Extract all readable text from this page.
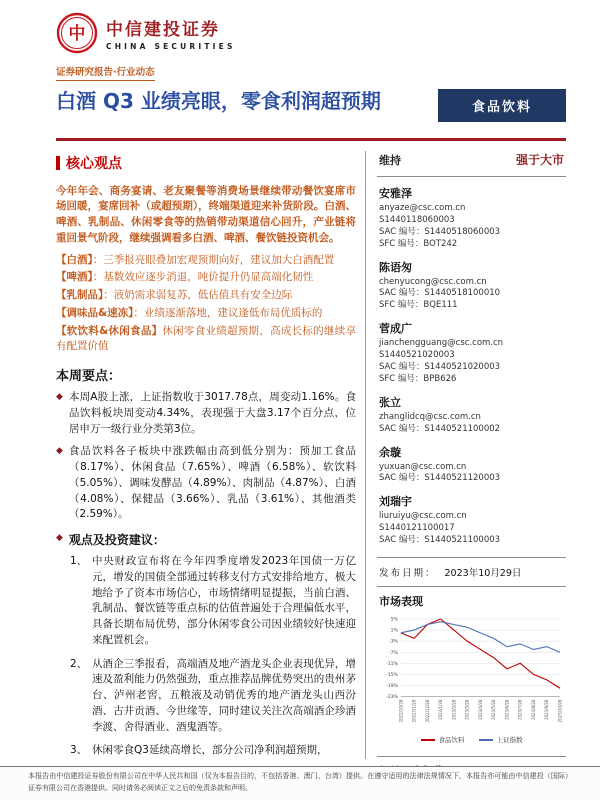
中 中信建投证券
CHINA SECURITIES
证券研究报告·行业动态
白酒 Q3 业绩亮眼，零食利润超预期	食品饮料
核心观点

今年年会、商务宴请、老友聚餐等消费场景继续带动餐饮宴席市场回暖，宴席回补（或超预期），终端渠道迎来补货阶段。白酒、啤酒、乳制品、休闲零食等的热销带动渠道信心回升，产业链将重回景气阶段，继续强调看多白酒、啤酒、餐饮链投资机会。

【白酒】：三季报亮眼叠加宏观预期向好，建议加大白酒配置
【啤酒】：基数效应逐步消退，吨价提升仍显高端化韧性
【乳制品】：液奶需求弱复苏，低估值具有安全边际
【调味品&速冻】：业绩逐渐落地，建议逢低布局优质标的
【软饮料&休闲食品】休闲零食业绩超预期，高成长标的继续享有配置价值
本周要点：
◆ 本周A股上涨，上证指数收于3017.78点，周变动1.16%。食品饮料板块周变动4.34%，表现强于大盘3.17个百分点，位居申万一级行业分类第3位。
◆ 食品饮料各子板块中涨跌幅由高到低分别为：预加工食品（8.17%）、休闲食品（7.65%）、啤酒（6.58%）、软饮料（5.05%）、调味发酵品（4.89%）、肉制品（4.87%）、白酒（4.08%）、保健品（3.66%）、乳品（3.61%）、其他酒类（2.59%）。
◆ 观点及投资建议：
1、 中央财政宣布将在今年四季度增发2023年国债一万亿元，增发的国债全部通过转移支付方式安排给地方，极大地给予了资本市场信心，市场情绪明显提振，当前白酒、乳制品、餐饮链等重点标的估值普遍处于合理偏低水平，具备长期布局优势，部分休闲零食公司因业绩较好快速迎来配置机会。
2、 从酒企三季报看，高端酒及地产酒龙头企业表现优异，增速及盈利能力仍然强劲，重点推荐品牌优势突出的贵州茅台、泸州老窖，五粮液及动销优秀的地产酒龙头山西汾酒、古井贡酒、今世缘等，同时建议关注次高端酒企珍酒李渡、舍得酒业、酒鬼酒等。
3、 休闲零食Q3延续高增长，部分公司净利润超预期，
维持	强于大市
安雅泽
anyaze@csc.com.cn
S1440118060003
SAC 编号：S1440518060003
SFC 编号：BOT242
陈语匆
chenyucong@csc.com.cn
SAC 编号：S1440518100010
SFC 编号：BQE111
菅成广
jianchengguang@csc.com.cn
S1440521020003
SAC 编号：S1440521020003
SFC 编号：BPB626
张立
zhanglidcq@csc.com.cn
SAC 编号：S1440521100002
余璇
yuxuan@csc.com.cn
SAC 编号：S1440521120003
刘瑞宇
liuruiyu@csc.com.cn
S1440121100017
SAC 编号：S1440521100003
发布日期： 2023年10月29日
市场表现
5%
1%
-3%
-7%
-11%
-15%
-19%
-23%
2022/10/28 2022/11/28 2022/12/28 2023/1/28 2023/2/28 2023/3/28 2023/4/28 2023/5/28 2023/6/28 2023/7/28 2023/8/28 2023/9/28 2023/10/28
食品饮料	上证指数
本报告由中信建投证券股份有限公司在中华人民共和国（仅为本报告目的，不包括香港、澳门、台湾）提供。在遵守适用的法律法规情况下，本报告亦可能由中信建投（国际）证券有限公司在香港提供。同时请务必阅读正文之后的免责条款和声明。
